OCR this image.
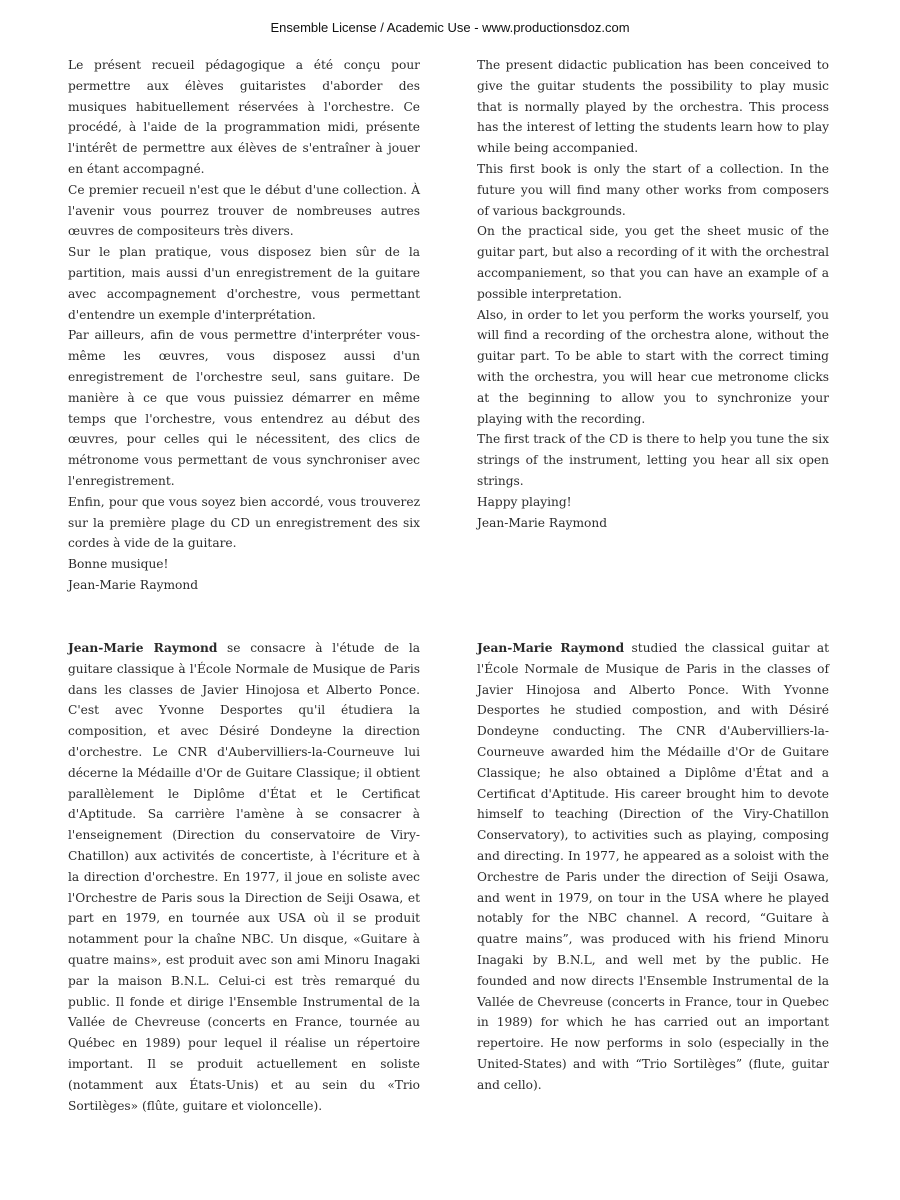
Ensemble License / Academic Use - www.productionsdoz.com

Le présent recueil pédagogique a été conçu pour permettre aux élèves guitaristes d'aborder des musiques habituellement réservées à l'orchestre. Ce procédé, à l'aide de la programmation midi, présente l'intérêt de permettre aux élèves de s'entraîner à jouer en étant accompagné.

Ce premier recueil n'est que le début d'une collection. À l'avenir vous pourrez trouver de nombreuses autres œuvres de compositeurs très divers.

Sur le plan pratique, vous disposez bien sûr de la partition, mais aussi d'un enregistrement de la guitare avec accompagnement d'orchestre, vous permettant d'entendre un exemple d'interprétation.

Par ailleurs, afin de vous permettre d'interpréter vous-même les œuvres, vous disposez aussi d'un enregistrement de l'orchestre seul, sans guitare. De manière à ce que vous puissiez démarrer en même temps que l'orchestre, vous entendrez au début des œuvres, pour celles qui le nécessitent, des clics de métronome vous permettant de vous synchroniser avec l'enregistrement.

Enfin, pour que vous soyez bien accordé, vous trouverez sur la première plage du CD un enregistrement des six cordes à vide de la guitare.

Bonne musique!

Jean-Marie Raymond

The present didactic publication has been conceived to give the guitar students the possibility to play music that is normally played by the orchestra. This process has the interest of letting the students learn how to play while being accompanied.

This first book is only the start of a collection. In the future you will find many other works from composers of various backgrounds.

On the practical side, you get the sheet music of the guitar part, but also a recording of it with the orchestral accompaniement, so that you can have an example of a possible interpretation.

Also, in order to let you perform the works yourself, you will find a recording of the orchestra alone, without the guitar part. To be able to start with the correct timing with the orchestra, you will hear cue metronome clicks at the beginning to allow you to synchronize your playing with the recording.

The first track of the CD is there to help you tune the six strings of the instrument, letting you hear all six open strings.

Happy playing!

Jean-Marie Raymond

Jean-Marie Raymond se consacre à l'étude de la guitare classique à l'École Normale de Musique de Paris dans les classes de Javier Hinojosa et Alberto Ponce. C'est avec Yvonne Desportes qu'il étudiera la composition, et avec Désiré Dondeyne la direction d'orchestre. Le CNR d'Aubervilliers-la-Courneuve lui décerne la Médaille d'Or de Guitare Classique; il obtient parallèlement le Diplôme d'État et le Certificat d'Aptitude. Sa carrière l'amène à se consacrer à l'enseignement (Direction du conservatoire de Viry-Chatillon) aux activités de concertiste, à l'écriture et à la direction d'orchestre. En 1977, il joue en soliste avec l'Orchestre de Paris sous la Direction de Seiji Osawa, et part en 1979, en tournée aux USA où il se produit notamment pour la chaîne NBC. Un disque, «Guitare à quatre mains», est produit avec son ami Minoru Inagaki par la maison B.N.L. Celui-ci est très remarqué du public. Il fonde et dirige l'Ensemble Instrumental de la Vallée de Chevreuse (concerts en France, tournée au Québec en 1989) pour lequel il réalise un répertoire important. Il se produit actuellement en soliste (notamment aux États-Unis) et au sein du «Trio Sortilèges» (flûte, guitare et violoncelle).

Jean-Marie Raymond studied the classical guitar at l'École Normale de Musique de Paris in the classes of Javier Hinojosa and Alberto Ponce. With Yvonne Desportes he studied compostion, and with Désiré Dondeyne conducting. The CNR d'Aubervilliers-la-Courneuve awarded him the Médaille d'Or de Guitare Classique; he also obtained a Diplôme d'État and a Certificat d'Aptitude. His career brought him to devote himself to teaching (Direction of the Viry-Chatillon Conservatory), to activities such as playing, composing and directing. In 1977, he appeared as a soloist with the Orchestre de Paris under the direction of Seiji Osawa, and went in 1979, on tour in the USA where he played notably for the NBC channel. A record, “Guitare à quatre mains”, was produced with his friend Minoru Inagaki by B.N.L, and well met by the public. He founded and now directs l'Ensemble Instrumental de la Vallée de Chevreuse (concerts in France, tour in Quebec in 1989) for which he has carried out an important repertoire. He now performs in solo (especially in the United-States) and with “Trio Sortilèges” (flute, guitar and cello).
